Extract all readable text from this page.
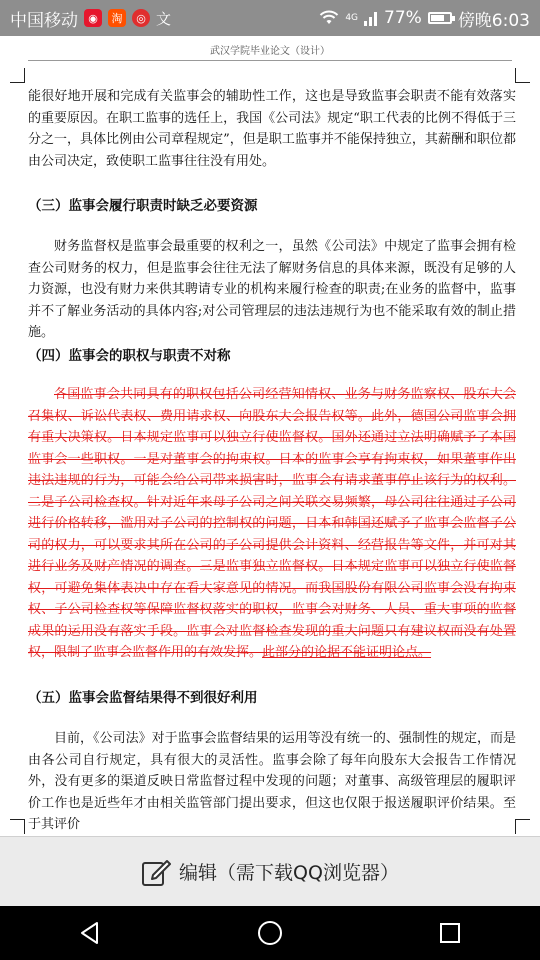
中国移动 ◉	淘	◎ 文	4G 77% 傍晚6:03
武汉学院毕业论文（设计）
能很好地开展和完成有关监事会的辅助性工作，这也是导致监事会职责不能有效落实的重要原因。在职工监事的选任上，我国《公司法》规定“职工代表的比例不得低于三分之一，具体比例由公司章程规定”，但是职工监事并不能保持独立，其薪酬和职位都由公司决定，致使职工监事往往没有用处。
（三）监事会履行职责时缺乏必要资源
财务监督权是监事会最重要的权利之一，虽然《公司法》中规定了监事会拥有检查公司财务的权力，但是监事会往往无法了解财务信息的具体来源，既没有足够的人力资源，也没有财力来供其聘请专业的机构来履行检查的职责;在业务的监督中，监事并不了解业务活动的具体内容;对公司管理层的违法违规行为也不能采取有效的制止措施。
（四）监事会的职权与职责不对称
各国监事会共同具有的职权包括公司经营知情权、业务与财务监察权、股东大会召集权、诉讼代表权、费用请求权、向股东大会报告权等。此外，德国公司监事会拥有重大决策权。日本规定监事可以独立行使监督权。国外还通过立法明确赋予了本国监事会一些职权。一是对董事会的拘束权。日本的监事会享有拘束权，如果董事作出违法违规的行为，可能会给公司带来损害时，监事会有请求董事停止该行为的权利。二是子公司检查权。针对近年来母子公司之间关联交易频繁，母公司往往通过子公司进行价格转移，滥用对子公司的控制权的问题，日本和韩国还赋予了监事会监督子公司的权力，可以要求其所在公司的子公司提供会计资料、经营报告等文件，并可对其进行业务及财产情况的调查。三是监事独立监督权。日本规定监事可以独立行使监督权，可避免集体表决中存在看大家意见的情况。而我国股份有限公司监事会没有拘束权、子公司检查权等保障监督权落实的职权，监事会对财务、人员、重大事项的监督成果的运用没有落实手段。监事会对监督检查发现的重大问题只有建议权而没有处置权，限制了监事会监督作用的有效发挥。此部分的论据不能证明论点。
（五）监事会监督结果得不到很好利用
目前，《公司法》对于监事会监督结果的运用等没有统一的、强制性的规定，而是由各公司自行规定，具有很大的灵活性。监事会除了每年向股东大会报告工作情况外，没有更多的渠道反映日常监督过程中发现的问题；对董事、高级管理层的履职评价工作也是近些年才由相关监管部门提出要求，但这也仅限于报送履职评价结果。至于其评价
编辑（需下载QQ浏览器）
